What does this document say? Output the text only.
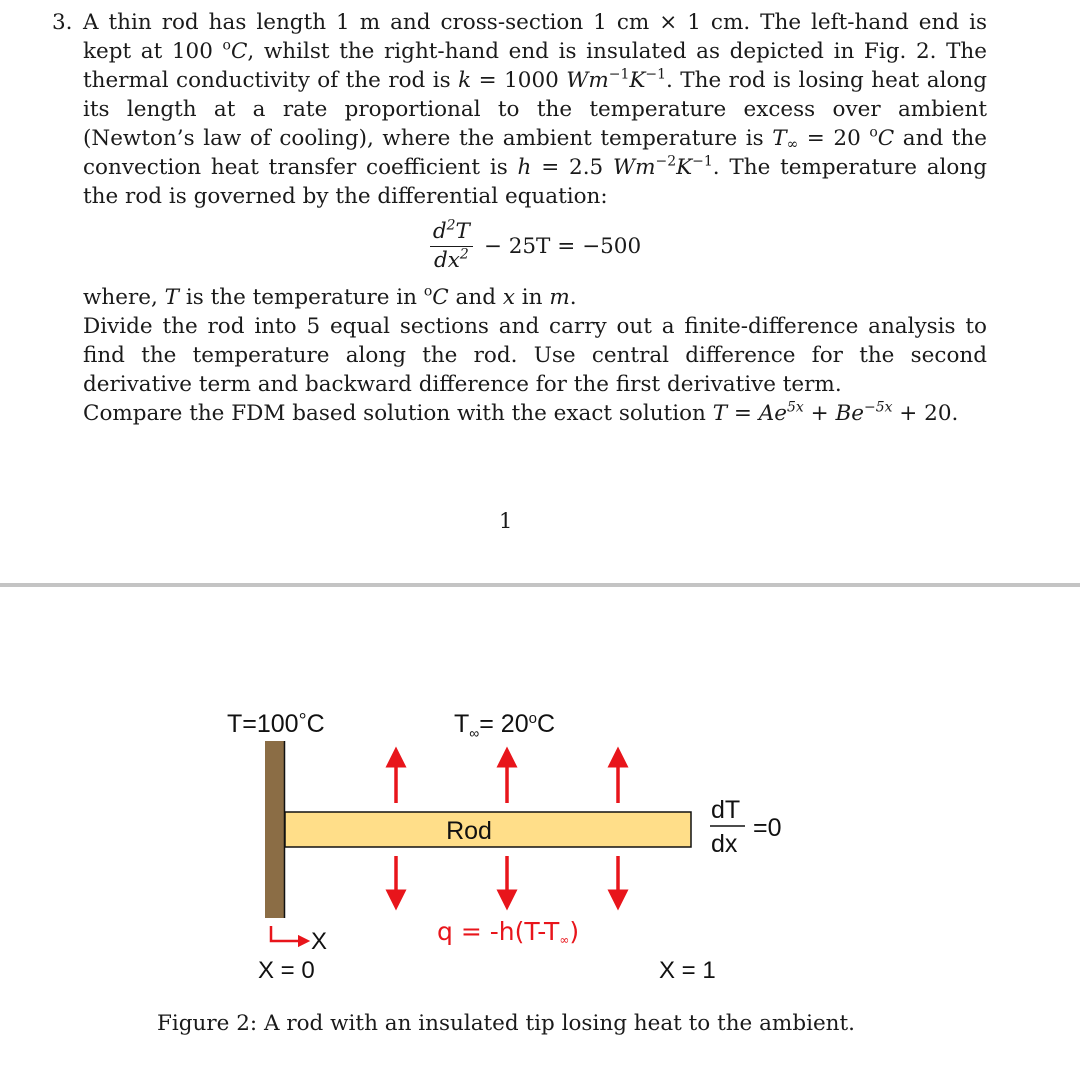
3. A thin rod has length 1 m and cross-section 1 cm × 1 cm. The left-hand end is kept at 100 $^o$C, whilst the right-hand end is insulated as depicted in Fig. 2. The thermal conductivity of the rod is k = 1000 $Wm^{-1}K^{-1}$. The rod is losing heat along its length at a rate proportional to the temperature excess over ambient (Newton’s law of cooling), where the ambient temperature is $T_\infty = 20$ $^o$C and the convection heat transfer coefficient is h = 2.5 $Wm^{-2}K^{-1}$. The temperature along the rod is governed by the differential equation:

$\frac{d^2T}{dx^2} - 25T = -500$

where, T is the temperature in $^o$C and x in m.

Divide the rod into 5 equal sections and carry out a finite-difference analysis to find the temperature along the rod. Use central difference for the second derivative term and backward difference for the first derivative term.

Compare the FDM based solution with the exact solution $T = Ae^{5x} + Be^{-5x} + 20$.

1
Rod
T=100°C	$T_\infty= 20^oC$
dT
dx
=0
X	q = -h(T-T∞)
X = 0	X = 1
Figure 2: A rod with an insulated tip losing heat to the ambient.
